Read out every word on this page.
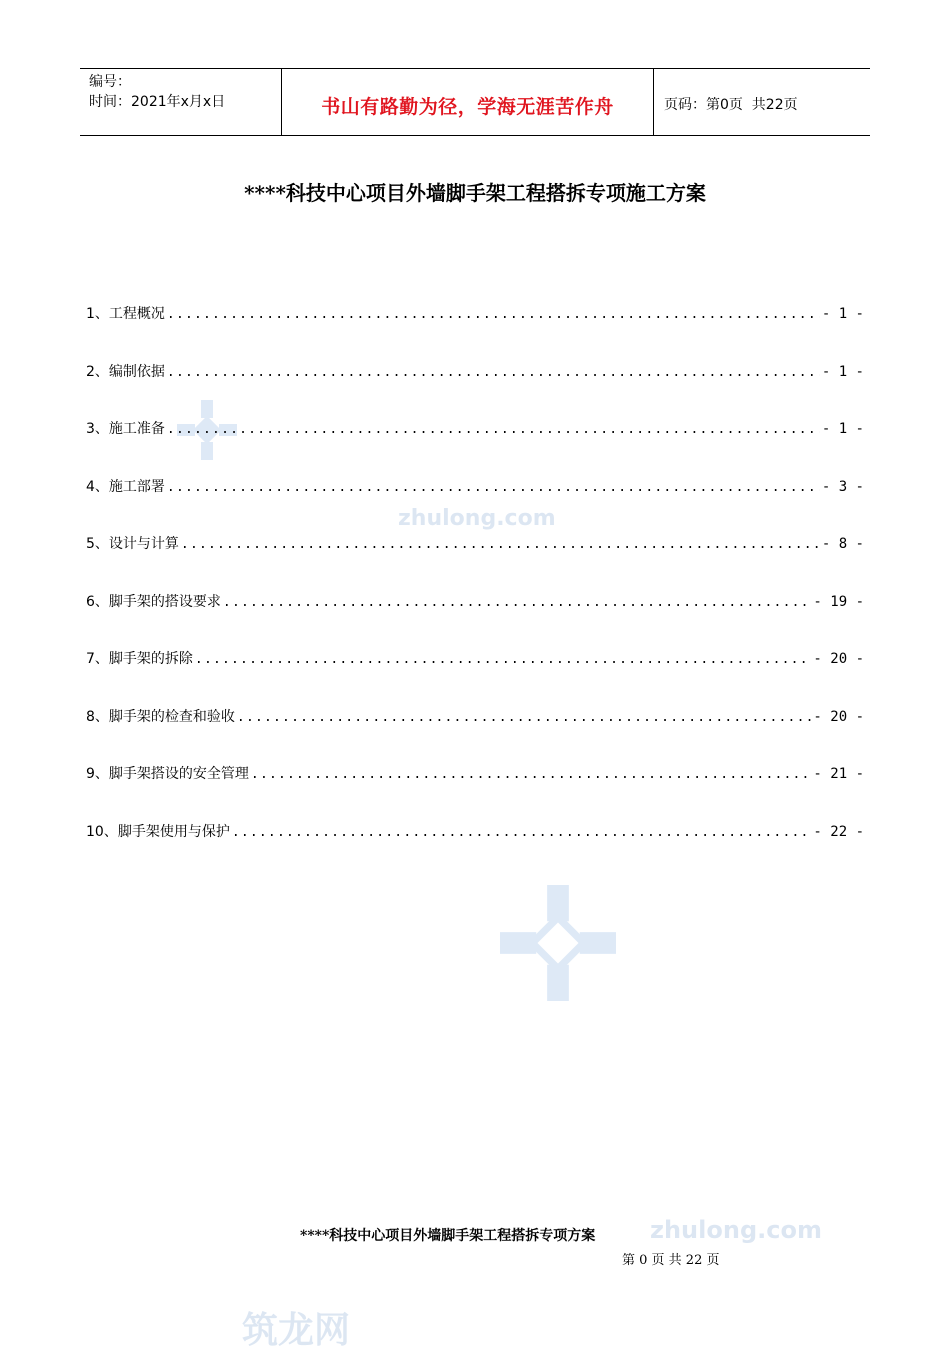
zhulong.com
zhulong.com
筑龙网
编号：
时间：2021年x月x日	书山有路勤为径，学海无涯苦作舟	页码：第0页  共22页
****科技中心项目外墙脚手架工程搭拆专项施工方案
1、工程概况 .....	- 1 -
2、编制依据 .....	- 1 -
3、施工准备 .....	- 1 -
4、施工部署 .....	- 3 -
5、设计与计算 .....	- 8 -
6、脚手架的搭设要求 .....	- 19 -
7、脚手架的拆除 .....	- 20 -
8、脚手架的检查和验收 .....	- 20 -
9、脚手架搭设的安全管理 .....	- 21 -
10、脚手架使用与保护 .....	- 22 -
****科技中心项目外墙脚手架工程搭拆专项方案
第 0 页 共 22 页
